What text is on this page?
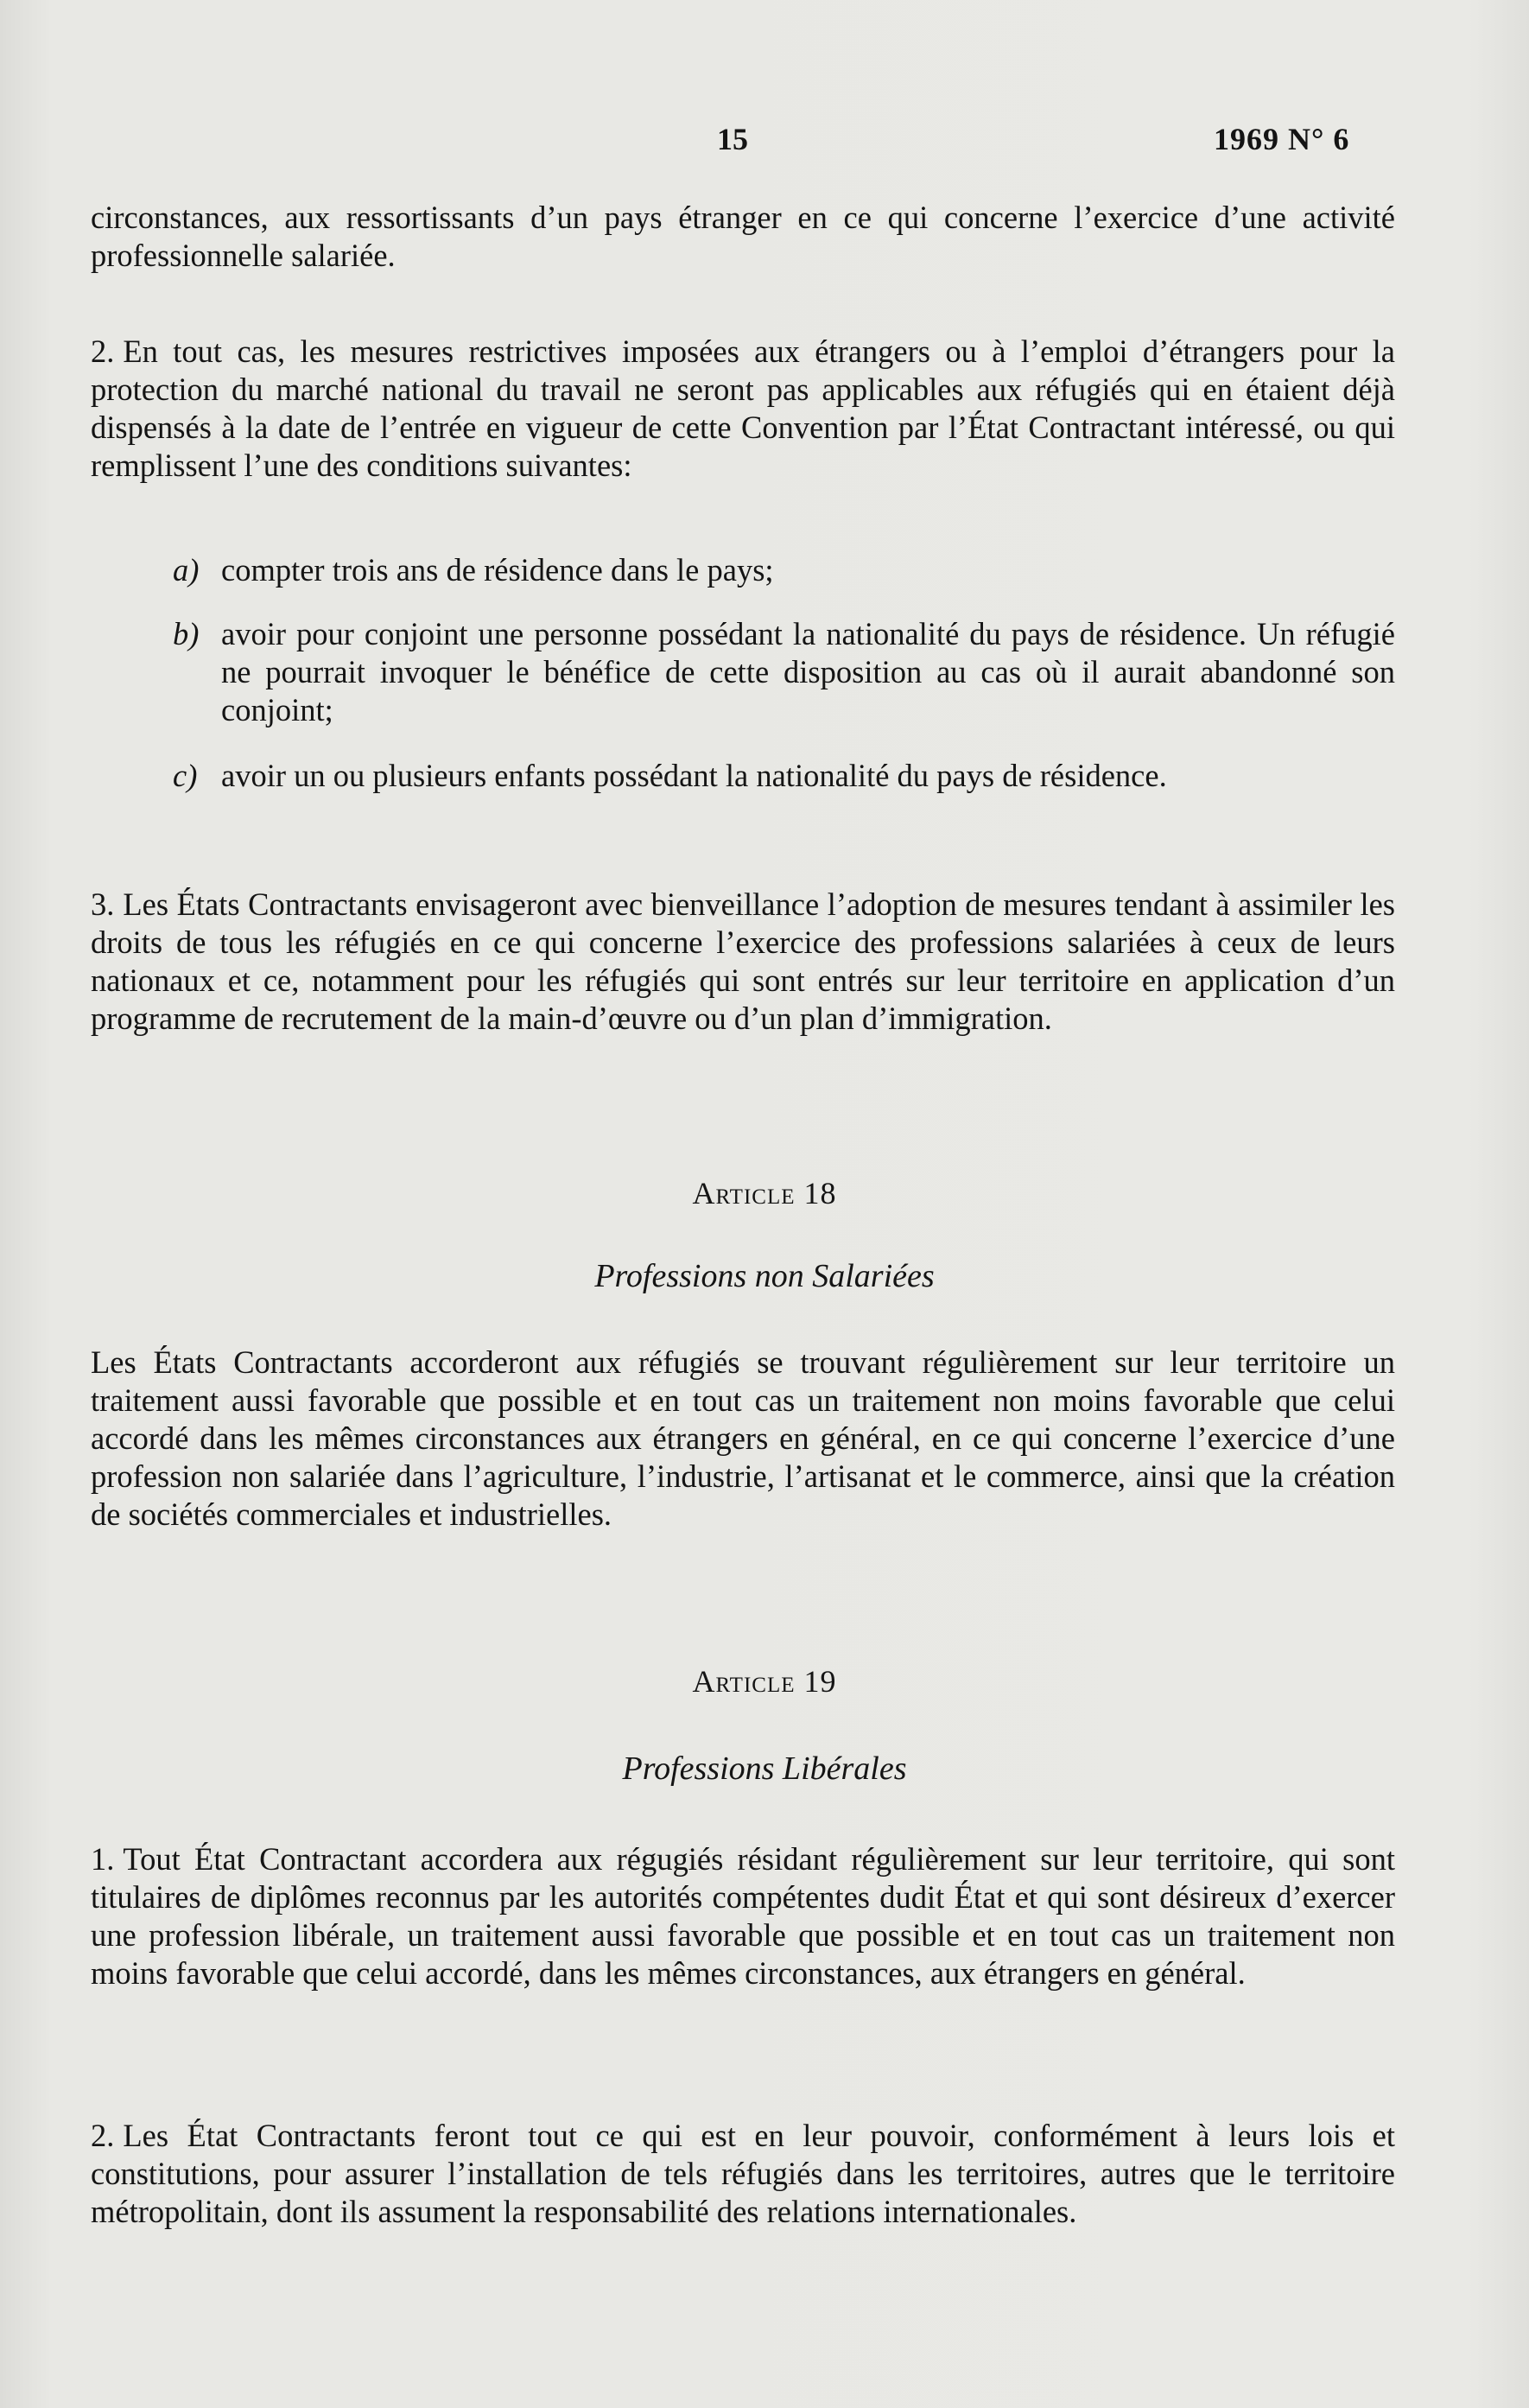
15	1969 N° 6

circonstances, aux ressortissants d’un pays étranger en ce qui concerne l’exercice d’une activité professionnelle salariée.

2. En tout cas, les mesures restrictives imposées aux étrangers ou à l’emploi d’étrangers pour la protection du marché national du travail ne seront pas applicables aux réfugiés qui en étaient déjà dispensés à la date de l’entrée en vigueur de cette Convention par l’État Contractant intéressé, ou qui remplissent l’une des conditions suivantes:

a) compter trois ans de résidence dans le pays;
b) avoir pour conjoint une personne possédant la nationalité du pays de résidence. Un réfugié ne pourrait invoquer le bénéfice de cette disposition au cas où il aurait abandonné son conjoint;
c) avoir un ou plusieurs enfants possédant la nationalité du pays de résidence.

3. Les États Contractants envisageront avec bienveillance l’adoption de mesures tendant à assimiler les droits de tous les réfugiés en ce qui concerne l’exercice des professions salariées à ceux de leurs nationaux et ce, notamment pour les réfugiés qui sont entrés sur leur territoire en application d’un programme de recrutement de la main-d’œuvre ou d’un plan d’immigration.

Article 18
Professions non Salariées

Les États Contractants accorderont aux réfugiés se trouvant régulièrement sur leur territoire un traitement aussi favorable que possible et en tout cas un traitement non moins favorable que celui accordé dans les mêmes circonstances aux étrangers en général, en ce qui concerne l’exercice d’une profession non salariée dans l’agriculture, l’industrie, l’artisanat et le commerce, ainsi que la création de sociétés commerciales et industrielles.

Article 19
Professions Libérales

1. Tout État Contractant accordera aux régugiés résidant régulièrement sur leur territoire, qui sont titulaires de diplômes reconnus par les autorités compétentes dudit État et qui sont désireux d’exercer une profession libérale, un traitement aussi favorable que possible et en tout cas un traitement non moins favorable que celui accordé, dans les mêmes circonstances, aux étrangers en général.

2. Les État Contractants feront tout ce qui est en leur pouvoir, conformément à leurs lois et constitutions, pour assurer l’installation de tels réfugiés dans les territoires, autres que le territoire métropolitain, dont ils assument la responsabilité des relations internationales.
